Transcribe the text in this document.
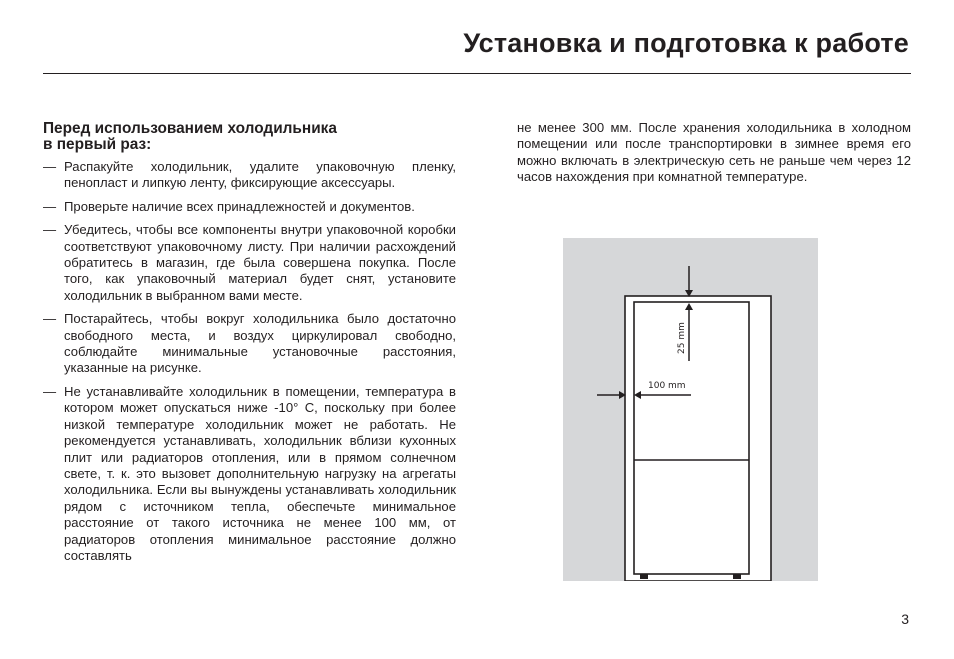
Установка и подготовка к работе
Перед использованием холодильника
в первый раз:
— Распакуйте холодильник, удалите упаковочную пленку, пенопласт и липкую ленту, фиксирующие аксессуары.
— Проверьте наличие всех принадлежностей и документов.
— Убедитесь, чтобы все компоненты внутри упаковочной коробки соответствуют упаковочному листу. При наличии расхождений обратитесь в магазин, где была совершена покупка. После того, как упаковочный материал будет снят, установите холодильник в выбранном вами месте.
— Постарайтесь, чтобы вокруг холодильника было достаточно свободного места, и воздух циркулировал свободно, соблюдайте минимальные установочные расстояния, указанные на рисунке.
— Не устанавливайте холодильник в помещении, температура в котором может опускаться ниже -10° С, поскольку при более низкой температуре холодильник может не работать. Не рекомендуется устанавливать, холодильник вблизи кухонных плит или радиаторов отопления, или в прямом солнечном свете, т. к. это вызовет дополнительную нагрузку на агрегаты холодильника. Если вы вынуждены устанавливать холодильник рядом с источником тепла, обеспечьте минимальное расстояние от такого источника не менее 100 мм, от радиаторов отопления минимальное расстояние должно составлять
не менее 300 мм. После хранения холодильника в холодном помещении или после транспортировки в зимнее время его можно включать в электрическую сеть не раньше чем через 12 часов нахождения при комнатной температуре.
25 mm
100 mm
3
